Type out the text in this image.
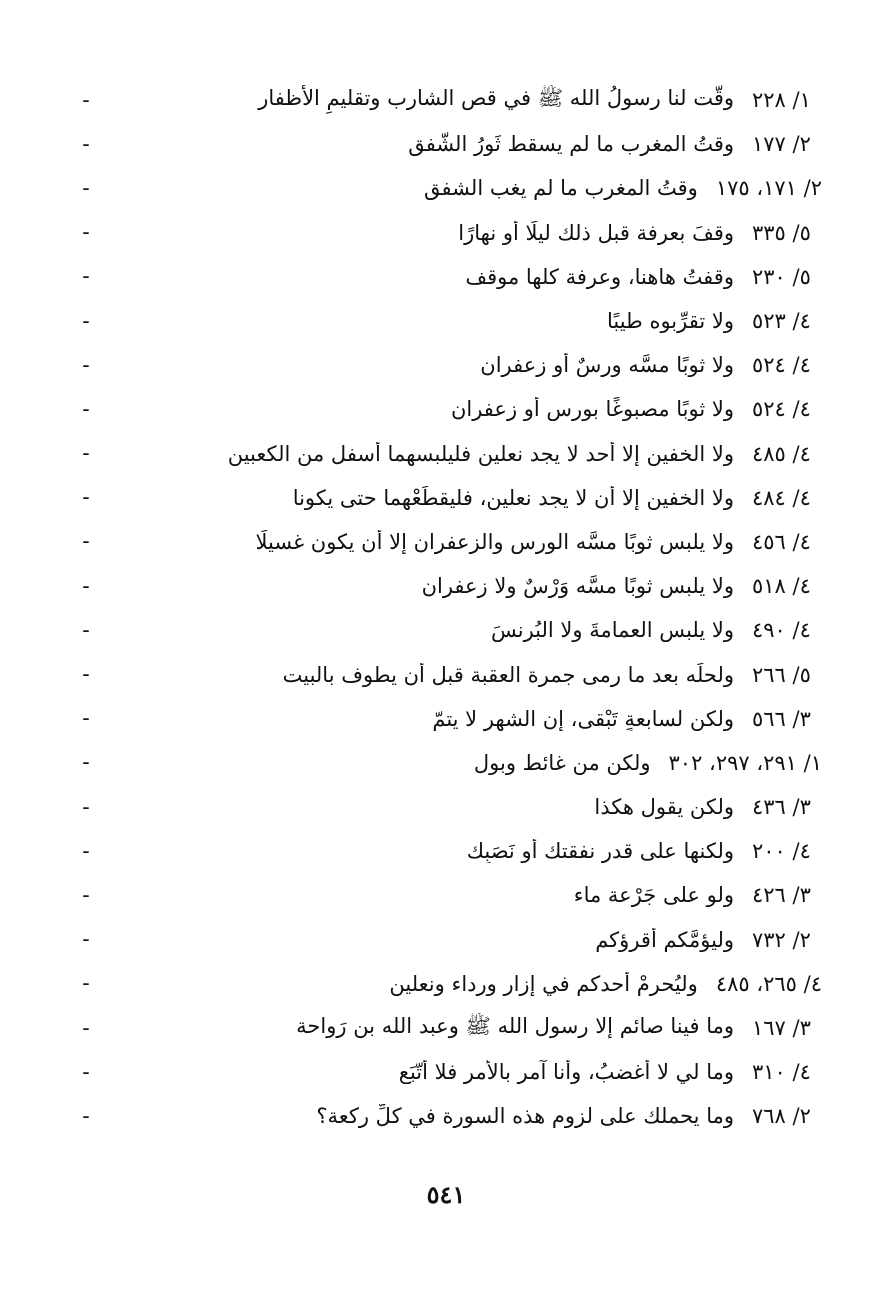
-	وقَّت لنا رسولُ الله ﷺ في قص الشارب وتقليمِ الأظفار ١/ ٢٢٨
-	وقتُ المغرب ما لم يسقط ثَورُ الشَّفق ٢/ ١٧٧
-	وقتُ المغرب ما لم يغب الشفق ٢/ ١٧١، ١٧٥
-	وقفَ بعرفة قبل ذلك ليلًا أو نهارًا ٥/ ٣٣٥
-	وقفتُ هاهنا، وعرفة كلها موقف ٥/ ٢٣٠
-	ولا تقرِّبوه طيبًا ٤/ ٥٢٣
-	ولا ثوبًا مسَّه ورسٌ أو زعفران ٤/ ٥٢٤
-	ولا ثوبًا مصبوغًا بورسٍ أو زعفران ٤/ ٥٢٤
-	ولا الخفين إلا أحد لا يجد نعلين فليلبسهما أسفل من الكعبين ٤/ ٤٨٥
-	ولا الخفين إلا أن لا يجد نعلين، فليقطَعْهما حتى يكونا ٤/ ٤٨٤
-	ولا يلبس ثوبًا مسَّه الورس والزعفران إلا أن يكون غسيلًا ٤/ ٤٥٦
-	ولا يلبس ثوبًا مسَّه وَرْسٌ ولا زعفران ٤/ ٥١٨
-	ولا يلبس العمامةَ ولا البُرنسَ ٤/ ٤٩٠
-	ولحلِّه بعد ما رمى جمرة العقبة قبل أن يطوف بالبيت ٥/ ٢٦٦
-	ولكن لسابعةٍ تَبْقى، إن الشهر لا يتمّ ٣/ ٥٦٦
-	ولكن من غائط وبول ١/ ٢٩١، ٢٩٧، ٣٠٢
-	ولكن يقول هكذا ٣/ ٤٣٦
-	ولكنها على قدر نفقتك أو نَصَبِك ٤/ ٢٠٠
-	ولو على جَرْعة ماء ٣/ ٤٢٦
-	وليؤمَّكم أقرؤكم ٢/ ٧٣٢
-	وليُحرِمْ أحدكم في إزار ورداء ونعلين ٤/ ٢٦٥، ٤٨٥
-	وما فينا صائم إلا رسول الله ﷺ وعبد الله بن رَواحة ٣/ ١٦٧
-	وما لي لا أغضبُ، وأنا آمر بالأمر فلا أُتّبَع ٤/ ٣١٠
-	وما يحملك على لزوم هذه السورة في كلِّ ركعة؟ ٢/ ٧٦٨
٥٤١
